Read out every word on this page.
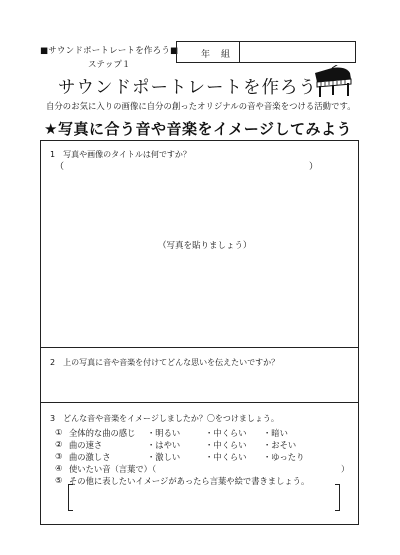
■サウンドポートレートを作ろう■
ステップ１
年 組
サウンドポートレートを作ろう
自分のお気に入りの画像に自分の創ったオリジナルの音や音楽をつける活動です。
★写真に合う音や音楽をイメージしてみよう
1　写真や画像のタイトルは何ですか？
（	）
（写真を貼りましょう）
2　上の写真に音や音楽を付けてどんな思いを伝えたいですか？
3　どんな音や音楽をイメージしましたか？〇をつけましょう。
① 全体的な曲の感じ ・明るい	・中くらい ・暗い
② 曲の速さ	・はやい	・中くらい ・おそい
③ 曲の激しさ	・激しい	・中くらい ・ゆったり
④ 使いたい音（言葉で）（	）
⑤ その他に表したいイメージがあったら言葉や絵で書きましょう。
